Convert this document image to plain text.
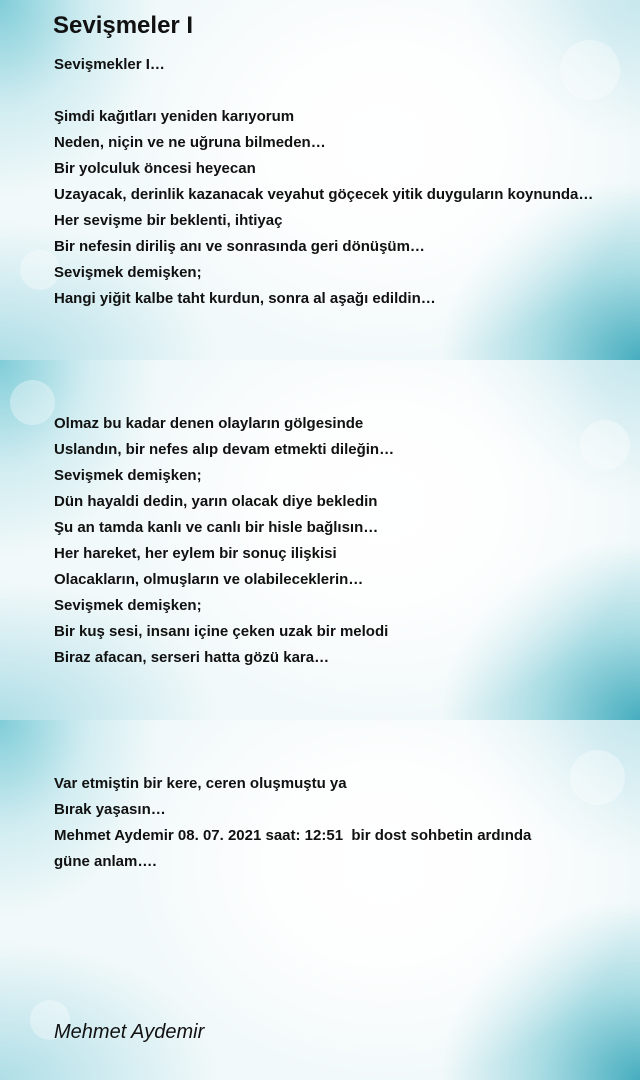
Sevişmeler I
Sevişmekler I…

Şimdi kağıtları yeniden karıyorum
Neden, niçin ve ne uğruna bilmeden…
Bir yolculuk öncesi heyecan
Uzayacak, derinlik kazanacak veyahut göçecek yitik duyguların koynunda…
Her sevişme bir beklenti, ihtiyaç
Bir nefesin diriliş anı ve sonrasında geri dönüşüm…
Sevişmek demişken;
Hangi yiğit kalbe taht kurdun, sonra al aşağı edildin…
Olmaz bu kadar denen olayların gölgesinde
Uslandın, bir nefes alıp devam etmekti dileğin…
Sevişmek demişken;
Dün hayaldi dedin, yarın olacak diye bekledin
Şu an tamda kanlı ve canlı bir hisle bağlısın…
Her hareket, her eylem bir sonuç ilişkisi
Olacakların, olmuşların ve olabileceklerin…
Sevişmek demişken;
Bir kuş sesi, insanı içine çeken uzak bir melodi
Biraz afacan, serseri hatta gözü kara…
Var etmiştin bir kere, ceren oluşmuştu ya
Bırak yaşasın…
Mehmet Aydemir 08. 07. 2021 saat: 12:51  bir dost sohbetin ardında
güne anlam….
Mehmet Aydemir
